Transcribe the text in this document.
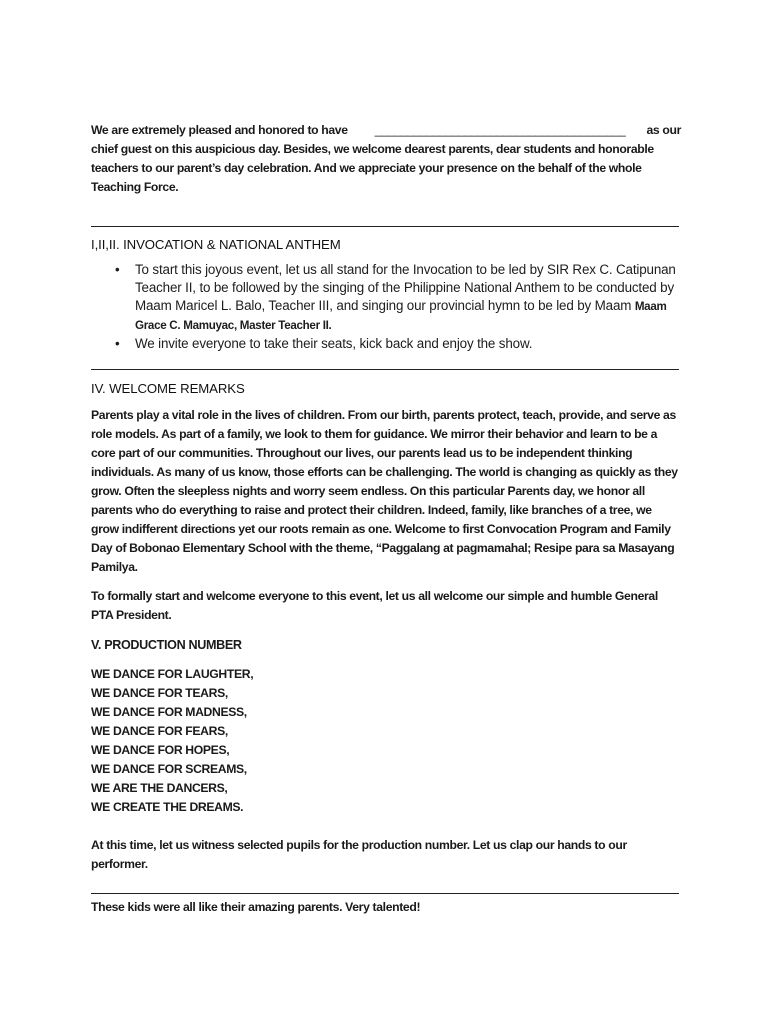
We are extremely pleased and honored to have _______________________________________ as our

chief guest on this auspicious day. Besides, we welcome dearest parents, dear students and honorable teachers to our parent’s day celebration. And we appreciate your presence on the behalf of the whole Teaching Force.

I,II,II. INVOCATION & NATIONAL ANTHEM
• To start this joyous event, let us all stand for the Invocation to be led by SIR Rex C. Catipunan Teacher II, to be followed by the singing of the Philippine National Anthem to be conducted by Maam Maricel L. Balo, Teacher III, and singing our provincial hymn to be led by Maam Maam Grace C. Mamuyac, Master Teacher II.
• We invite everyone to take their seats, kick back and enjoy the show.
IV. WELCOME REMARKS

Parents play a vital role in the lives of children. From our birth, parents protect, teach, provide, and serve as role models. As part of a family, we look to them for guidance. We mirror their behavior and learn to be a core part of our communities. Throughout our lives, our parents lead us to be independent thinking individuals. As many of us know, those efforts can be challenging. The world is changing as quickly as they grow. Often the sleepless nights and worry seem endless. On this particular Parents day, we honor all parents who do everything to raise and protect their children. Indeed, family, like branches of a tree, we grow indifferent directions yet our roots remain as one. Welcome to first Convocation Program and Family Day of Bobonao Elementary School with the theme, “Paggalang at pagmamahal; Resipe para sa Masayang Pamilya.

To formally start and welcome everyone to this event, let us all welcome our simple and humble General PTA President.

V. PRODUCTION NUMBER

WE DANCE FOR LAUGHTER,

WE DANCE FOR TEARS,

WE DANCE FOR MADNESS,

WE DANCE FOR FEARS,

WE DANCE FOR HOPES,

WE DANCE FOR SCREAMS,

WE ARE THE DANCERS,

WE CREATE THE DREAMS.

At this time, let us witness selected pupils for the production number. Let us clap our hands to our performer.
These kids were all like their amazing parents. Very talented!
